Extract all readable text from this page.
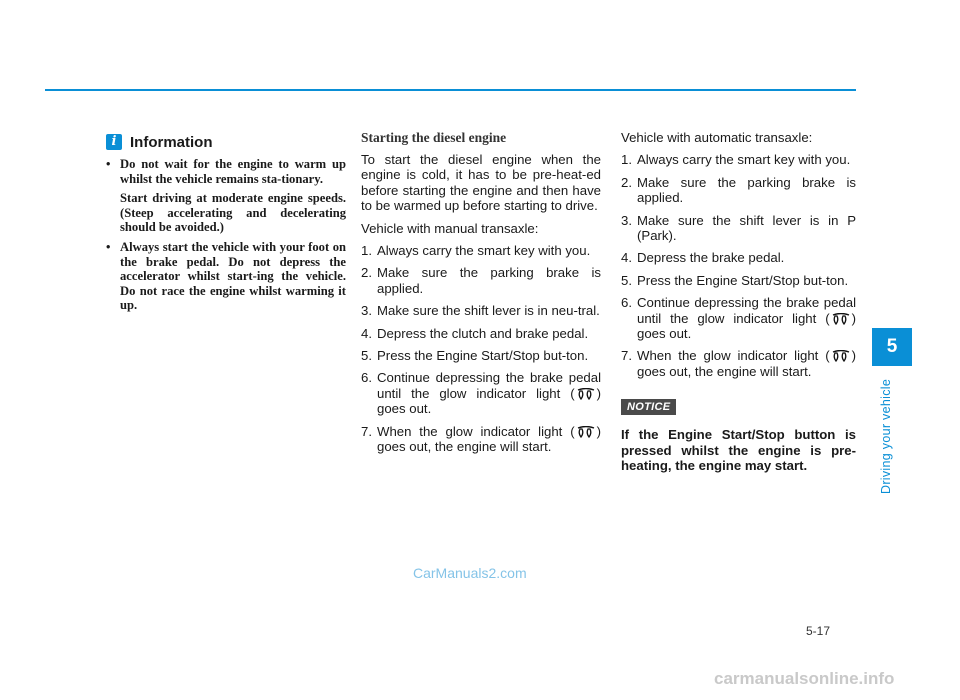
i Information
• Do not wait for the engine to warm up whilst the vehicle remains sta-tionary.

Start driving at moderate engine speeds. (Steep accelerating and decelerating should be avoided.)

• Always start the vehicle with your foot on the brake pedal. Do not depress the accelerator whilst start-ing the vehicle. Do not race the engine whilst warming it up.

Starting the diesel engine

To start the diesel engine when the engine is cold, it has to be pre-heat-ed before starting the engine and then have to be warmed up before starting to drive.

Vehicle with manual transaxle:

1. Always carry the smart key with you.
2. Make sure the parking brake is applied.
3. Make sure the shift lever is in neu-tral.
4. Depress the clutch and brake pedal.
5. Press the Engine Start/Stop but-ton.
6. Continue depressing the brake pedal until the glow indicator light ( ) goes out.
7. When the glow indicator light ( ) goes out, the engine will start.

Vehicle with automatic transaxle:

1. Always carry the smart key with you.
2. Make sure the parking brake is applied.
3. Make sure the shift lever is in P (Park).
4. Depress the brake pedal.
5. Press the Engine Start/Stop but-ton.
6. Continue depressing the brake pedal until the glow indicator light ( ) goes out.
7. When the glow indicator light ( ) goes out, the engine will start.
NOTICE

If the Engine Start/Stop button is pressed whilst the engine is pre-heating, the engine may start.

5
Driving your vehicle
5-17
CarManuals2.com
carmanualsonline.info
